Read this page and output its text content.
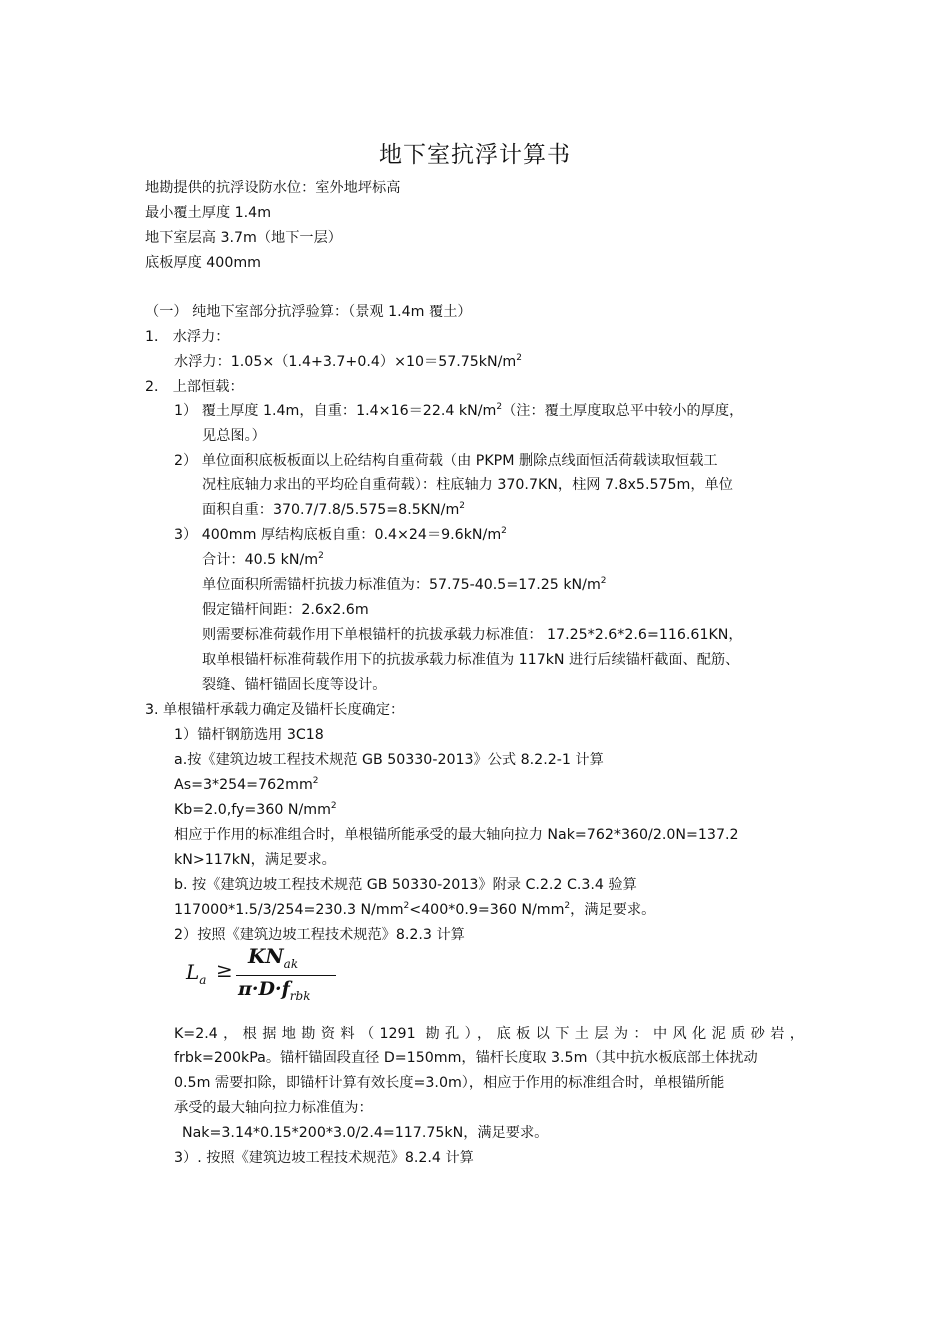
地下室抗浮计算书
地勘提供的抗浮设防水位：室外地坪标高
最小覆土厚度 1.4m
地下室层高 3.7m（地下一层）
底板厚度 400mm
（一） 纯地下室部分抗浮验算：（景观 1.4m 覆土）
1． 水浮力：
水浮力：$1.05\times(1.4+3.7+0.4)\times 10=57.75kN/m^2$
2． 上部恒载：
1） 覆土厚度 1.4m，自重：1.4×16＝22.4 $kN/m^2$（注：覆土厚度取总平中较小的厚度，
见总图。）
2） 单位面积底板板面以上砼结构自重荷载（由 PKPM 删除点线面恒活荷载读取恒载工
况柱底轴力求出的平均砼自重荷载）：柱底轴力 370.7KN，柱网 7.8x5.575m，单位
面积自重：$370.7/7.8/5.575=8.5KN/m^2$
3） 400mm 厚结构底板自重：$0.4\times 24=9.6kN/m^2$
合计：40.5 $kN/m^2$
单位面积所需锚杆抗拔力标准值为：57.75-40.5=17.25 $kN/m^2$
假定锚杆间距：2.6x2.6m
则需要标准荷载作用下单根锚杆的抗拔承载力标准值： 17.25*2.6*2.6=116.61KN，
取单根锚杆标准荷载作用下的抗拔承载力标准值为 117kN 进行后续锚杆截面、配筋、
裂缝、锚杆锚固长度等设计。
3. 单根锚杆承载力确定及锚杆长度确定：
1）锚杆钢筋选用 3C18
a.按《建筑边坡工程技术规范 GB 50330-2013》公式 8.2.2-1 计算
$As=3*254=762mm^2$
Kb=2.0,fy=360 $N/mm^2$
相应于作用的标准组合时，单根锚所能承受的最大轴向拉力 Nak=762*360/2.0N=137.2
kN>117kN，满足要求。
b. 按《建筑边坡工程技术规范 GB 50330-2013》附录 C.2.2 C.3.4 验算
117000*1.5/3/254=230.3 $N/mm^2<400*0.9=360$ $N/mm^2$，满足要求。
2）按照《建筑边坡工程技术规范》8.2.3 计算
$L_a$ ≥
$KN_{ak}$
$\pi\cdot D\cdot f_{rbk}$
K=2.4，根据地勘资料（1291 勘孔），底板以下土层为：中风化泥质砂岩，
frbk=200kPa。锚杆锚固段直径 D=150mm，锚杆长度取 3.5m（其中抗水板底部土体扰动
0.5m 需要扣除，即锚杆计算有效长度=3.0m），相应于作用的标准组合时，单根锚所能
承受的最大轴向拉力标准值为：
Nak=3.14*0.15*200*3.0/2.4=117.75kN，满足要求。
3）. 按照《建筑边坡工程技术规范》8.2.4 计算
